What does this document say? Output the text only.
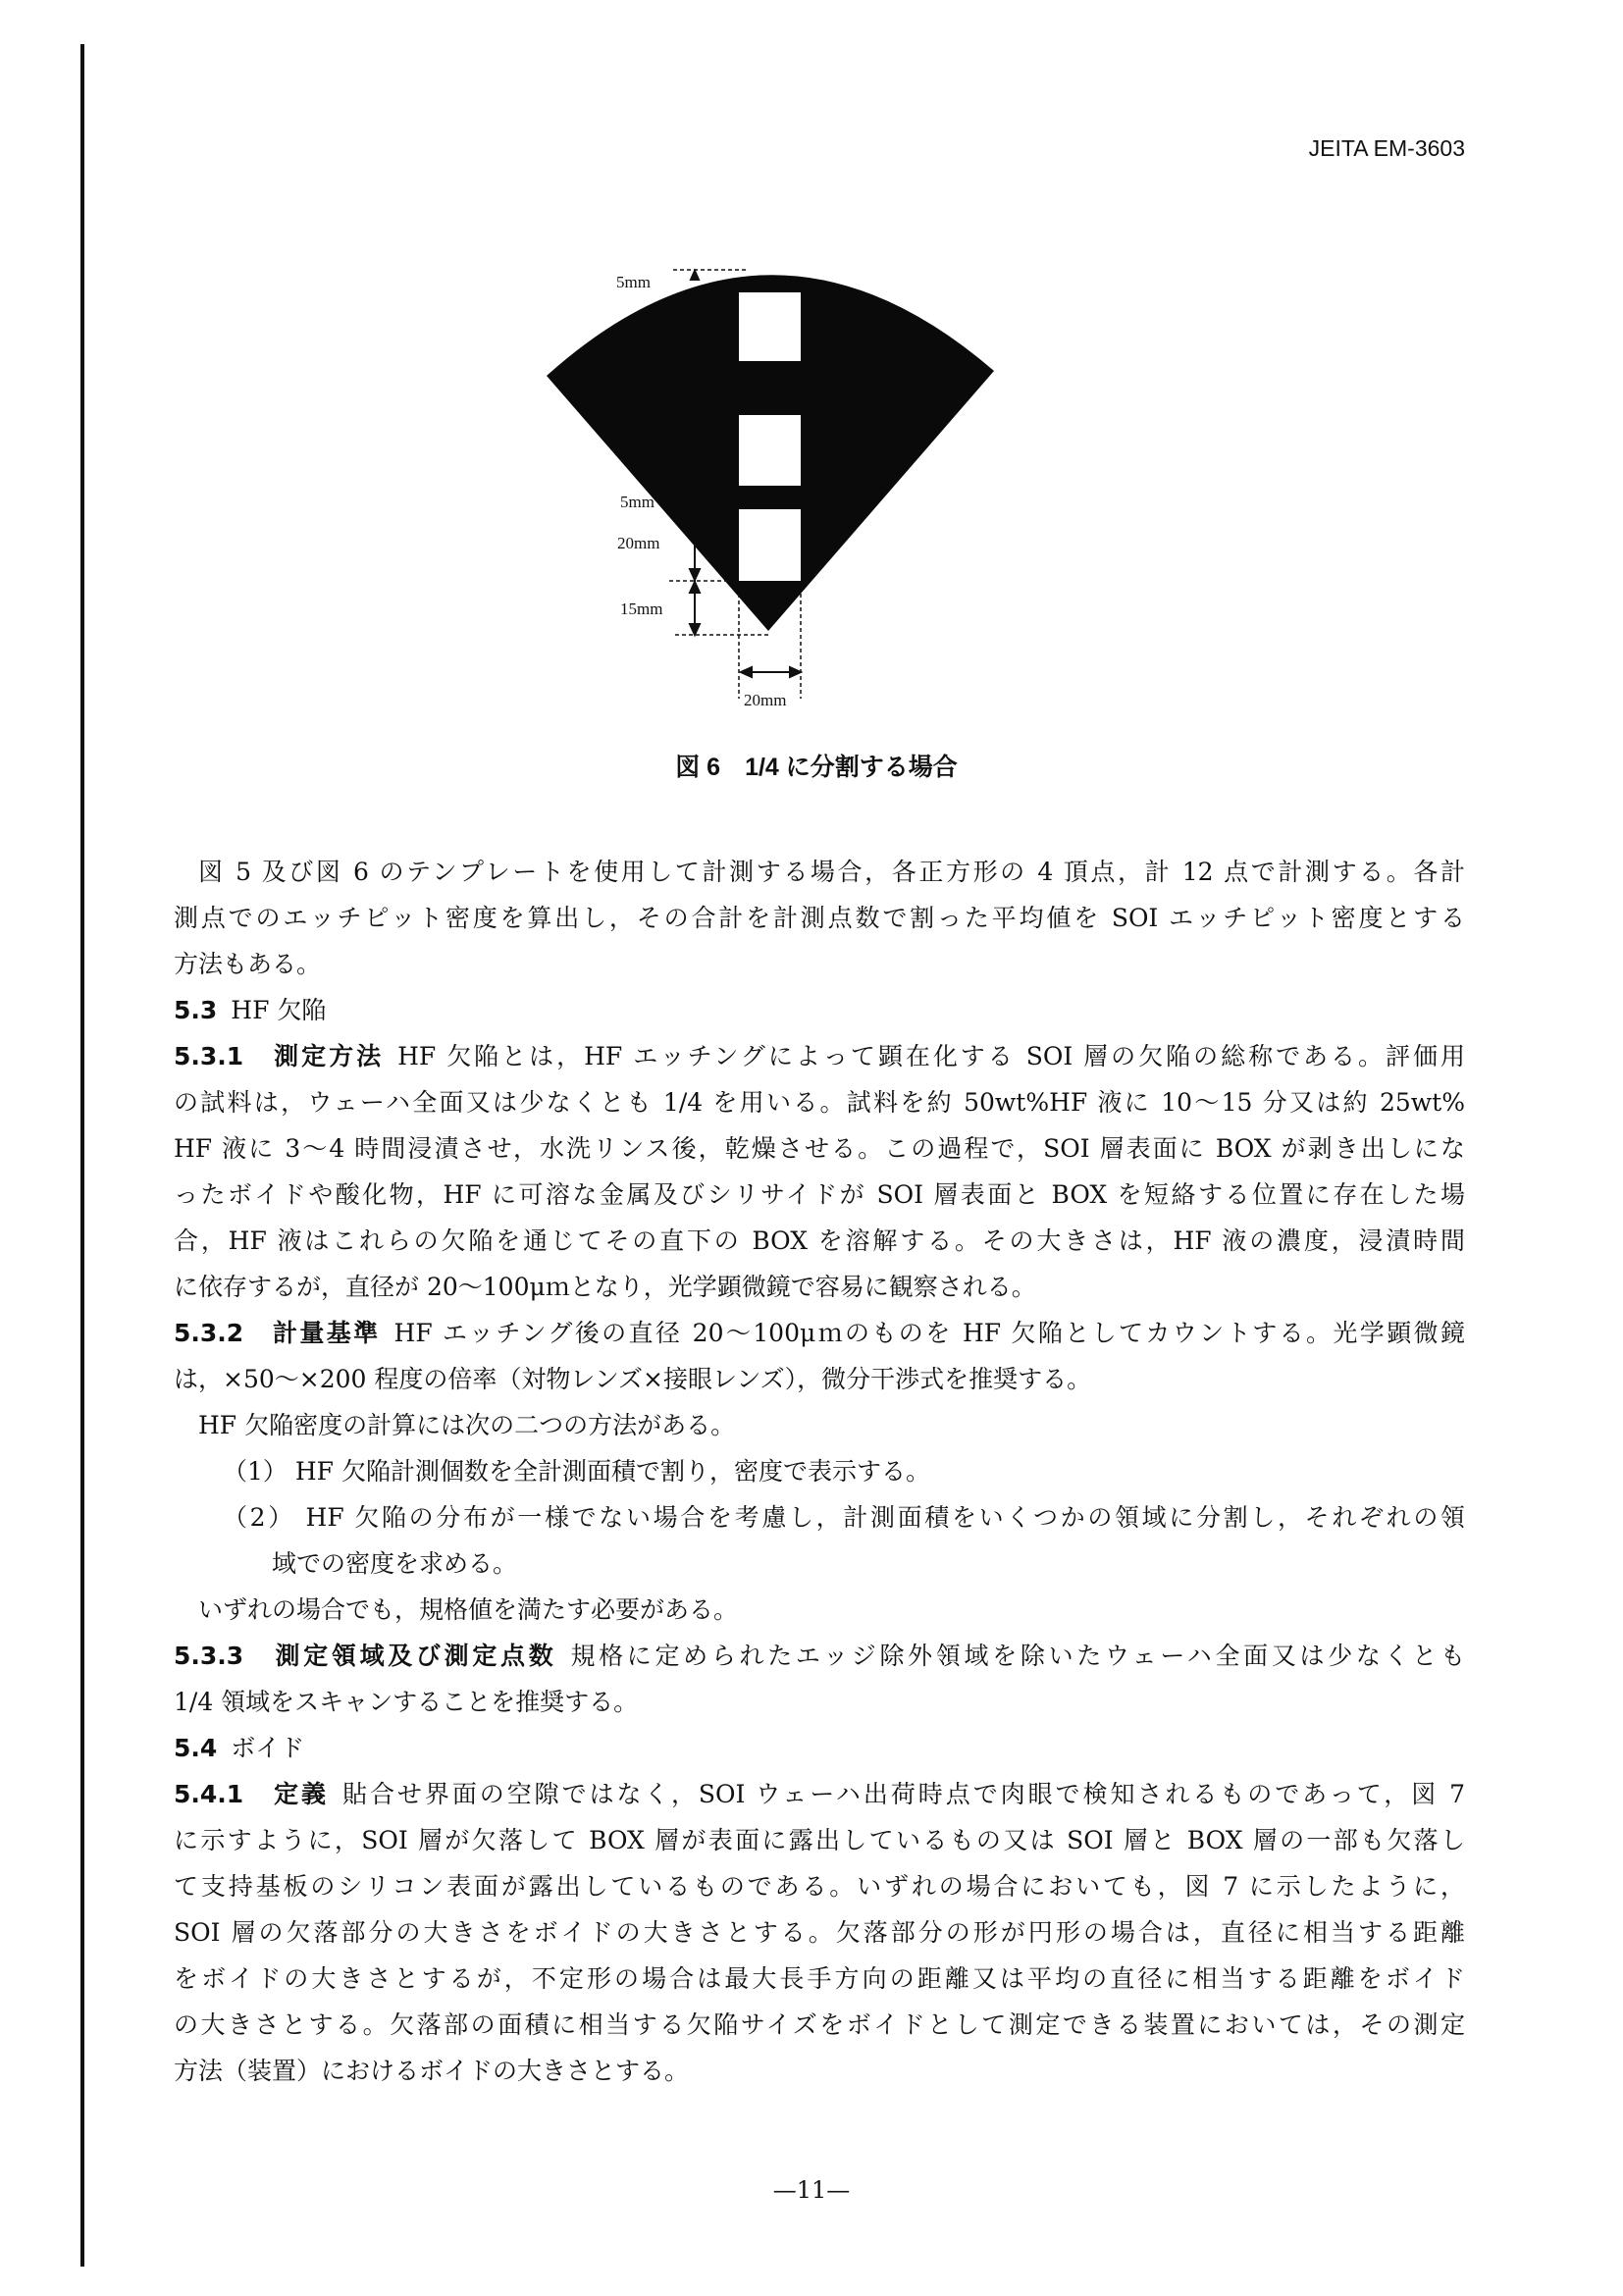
JEITA EM-3603
5mm
5mm
20mm
15mm
20mm
図 6　1/4 に分割する場合
図 5 及び図 6 のテンプレートを使用して計測する場合，各正方形の 4 頂点，計 12 点で計測する。各計
測点でのエッチピット密度を算出し，その合計を計測点数で割った平均値を SOI エッチピット密度とする
方法もある。
5.3 HF 欠陥
5.3.1　測定方法 HF 欠陥とは，HF エッチングによって顕在化する SOI 層の欠陥の総称である。評価用
の試料は，ウェーハ全面又は少なくとも 1/4 を用いる。試料を約 50wt%HF 液に 10～15 分又は約 25wt%
HF 液に 3～4 時間浸漬させ，水洗リンス後，乾燥させる。この過程で，SOI 層表面に BOX が剥き出しにな
ったボイドや酸化物，HF に可溶な金属及びシリサイドが SOI 層表面と BOX を短絡する位置に存在した場
合，HF 液はこれらの欠陥を通じてその直下の BOX を溶解する。その大きさは，HF 液の濃度，浸漬時間
に依存するが，直径が 20～100μｍとなり，光学顕微鏡で容易に観察される。
5.3.2　計量基準 HF エッチング後の直径 20～100μｍのものを HF 欠陥としてカウントする。光学顕微鏡
は，×50～×200 程度の倍率（対物レンズ×接眼レンズ），微分干渉式を推奨する。
HF 欠陥密度の計算には次の二つの方法がある。
（1） HF 欠陥計測個数を全計測面積で割り，密度で表示する。
（2） HF 欠陥の分布が一様でない場合を考慮し，計測面積をいくつかの領域に分割し，それぞれの領
域での密度を求める。
いずれの場合でも，規格値を満たす必要がある。
5.3.3　測定領域及び測定点数 規格に定められたエッジ除外領域を除いたウェーハ全面又は少なくとも
1/4 領域をスキャンすることを推奨する。
5.4 ボイド
5.4.1　定義 貼合せ界面の空隙ではなく，SOI ウェーハ出荷時点で肉眼で検知されるものであって，図 7
に示すように，SOI 層が欠落して BOX 層が表面に露出しているもの又は SOI 層と BOX 層の一部も欠落し
て支持基板のシリコン表面が露出しているものである。いずれの場合においても，図 7 に示したように，
SOI 層の欠落部分の大きさをボイドの大きさとする。欠落部分の形が円形の場合は，直径に相当する距離
をボイドの大きさとするが，不定形の場合は最大長手方向の距離又は平均の直径に相当する距離をボイド
の大きさとする。欠落部の面積に相当する欠陥サイズをボイドとして測定できる装置においては，その測定
方法（装置）におけるボイドの大きさとする。
—11—
